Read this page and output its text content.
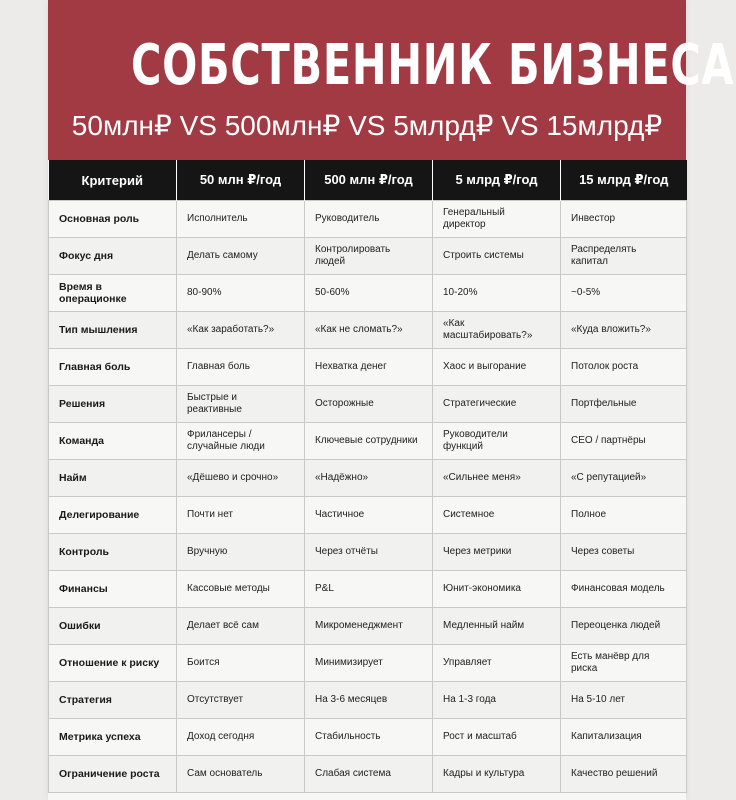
СОБСТВЕННИК БИЗНЕСА
50млн₽ VS 500млн₽ VS 5млрд₽ VS 15млрд₽
Критерий	50 млн ₽/год	500 млн ₽/год	5 млрд ₽/год	15 млрд ₽/год
Основная роль	Исполнитель	Руководитель	Генеральный директор	Инвестор
Фокус дня	Делать самому	Контролировать людей	Строить системы	Распределять капитал
Время в операционке	80-90%	50-60%	10-20%	~0-5%
Тип мышления	«Как заработать?»	«Как не сломать?»	«Как масштабировать?»	«Куда вложить?»
Главная боль	Главная боль	Нехватка денег	Хаос и выгорание	Потолок роста
Решения	Быстрые и реактивные	Осторожные	Стратегические	Портфельные
Команда	Фрилансеры / случайные люди	Ключевые сотрудники	Руководители функций	CEO / партнёры
Найм	«Дёшево и срочно»	«Надёжно»	«Сильнее меня»	«С репутацией»
Делегирование	Почти нет	Частичное	Системное	Полное
Контроль	Вручную	Через отчёты	Через метрики	Через советы
Финансы	Кассовые методы	P&L	Юнит-экономика	Финансовая модель
Ошибки	Делает всё сам	Микроменеджмент	Медленный найм	Переоценка людей
Отношение к риску	Боится	Минимизирует	Управляет	Есть манёвр для риска
Стратегия	Отсутствует	На 3-6 месяцев	На 1-3 года	На 5-10 лет
Метрика успеха	Доход сегодня	Стабильность	Рост и масштаб	Капитализация
Ограничение роста	Сам основатель	Слабая система	Кадры и культура	Качество решений
